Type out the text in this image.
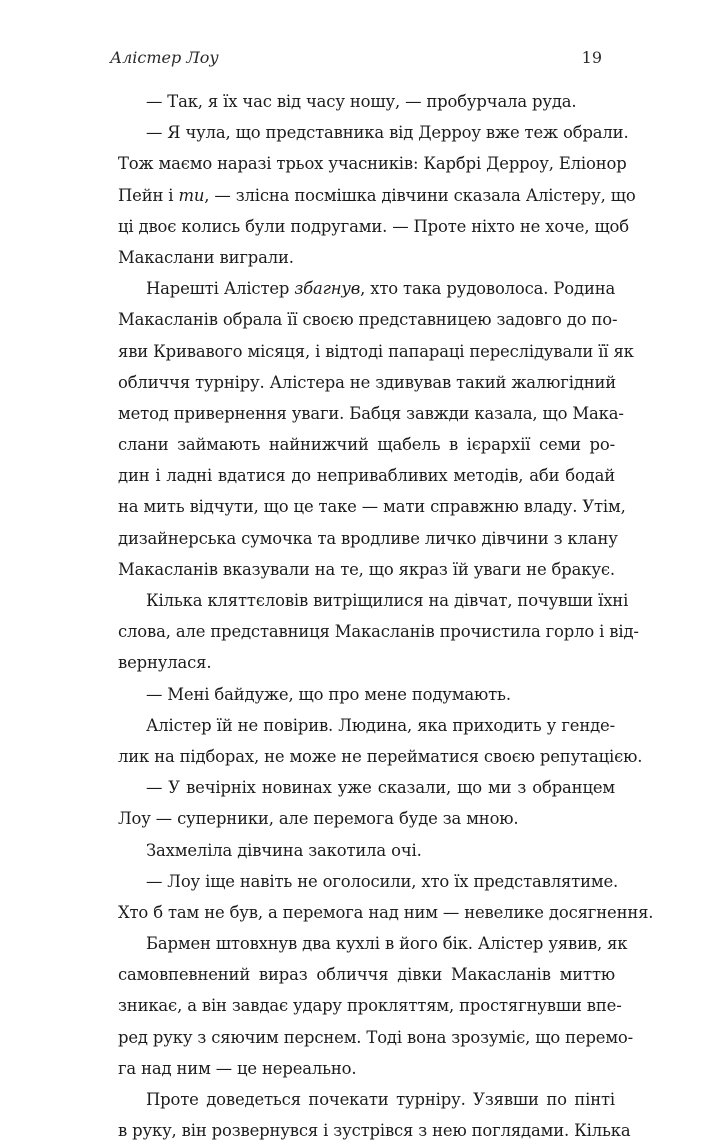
Алістер Лоу	19
— Так, я їх час від часу ношу, — пробурчала руда.
— Я чула, що представника від Дерроу вже теж обрали.
Тож маємо наразі трьох учасників: Карбрі Дерроу, Еліонор
Пейн і ти, — злісна посмішка дівчини сказала Алістеру, що
ці двоє колись були подругами. — Проте ніхто не хоче, щоб
Макаслани виграли.
Нарешті Алістер збагнув, хто така рудоволоса. Родина
Макасланів обрала її своєю представницею задовго до по-
яви Кривавого місяця, і відтоді папараці переслідували її як
обличчя турніру. Алістера не здивував такий жалюгідний
метод привернення уваги. Бабця завжди казала, що Мака-
слани займають найнижчий щабель в ієрархії семи ро-
дин і ладні вдатися до непривабливих методів, аби бодай
на мить відчути, що це таке — мати справжню владу. Утім,
дизайнерська сумочка та вродливе личко дівчини з клану
Макасланів вказували на те, що якраз їй уваги не бракує.
Кілька кляттєловів витріщилися на дівчат, почувши їхні
слова, але представниця Макасланів прочистила горло і від-
вернулася.
— Мені байдуже, що про мене подумають.
Алістер їй не повірив. Людина, яка приходить у генде-
лик на підборах, не може не перейматися своєю репутацією.
— У вечірніх новинах уже сказали, що ми з обранцем
Лоу — суперники, але перемога буде за мною.
Захмеліла дівчина закотила очі.
— Лоу іще навіть не оголосили, хто їх представлятиме.
Хто б там не був, а перемога над ним — невелике досягнення.
Бармен штовхнув два кухлі в його бік. Алістер уявив, як
самовпевнений вираз обличчя дівки Макасланів миттю
зникає, а він завдає удару прокляттям, простягнувши впе-
ред руку з сяючим перснем. Тоді вона зрозуміє, що перемо-
га над ним — це нереально.
Проте доведеться почекати турніру. Узявши по пінті
в руку, він розвернувся і зустрівся з нею поглядами. Кілька
